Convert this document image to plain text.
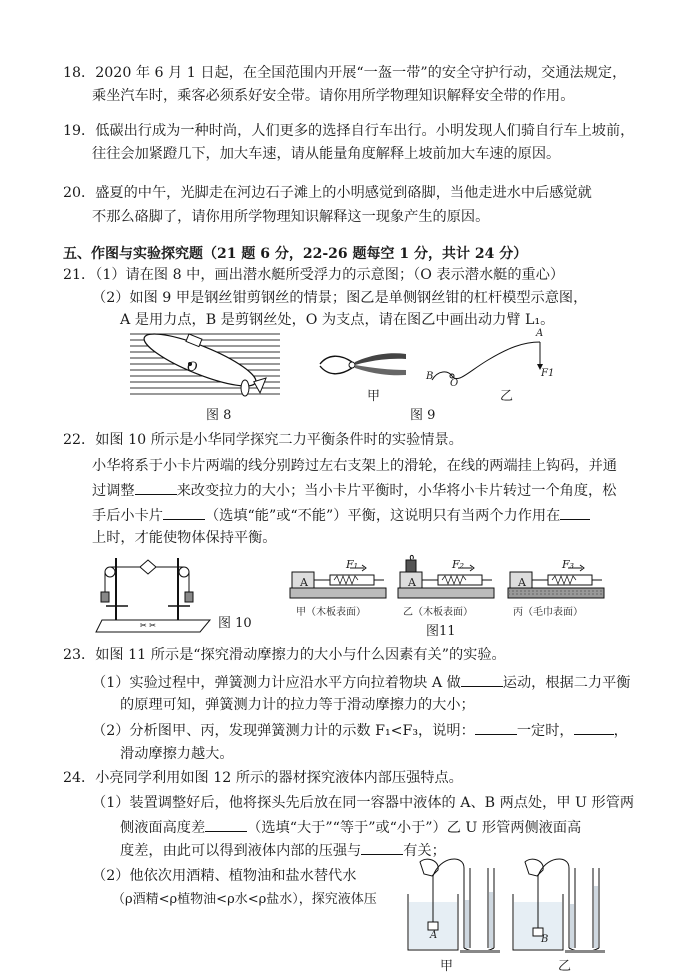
18．2020 年 6 月 1 日起，在全国范围内开展“一盔一带”的安全守护行动，交通法规定，
乘坐汽车时，乘客必须系好安全带。请你用所学物理知识解释安全带的作用。
19．低碳出行成为一种时尚，人们更多的选择自行车出行。小明发现人们骑自行车上坡前，
往往会加紧蹬几下，加大车速，请从能量角度解释上坡前加大车速的原因。
20．盛夏的中午，光脚走在河边石子滩上的小明感觉到硌脚，当他走进水中后感觉就
不那么硌脚了，请你用所学物理知识解释这一现象产生的原因。
五、作图与实验探究题（21 题 6 分，22-26 题每空 1 分，共计 24 分）
21．（1）请在图 8 中，画出潜水艇所受浮力的示意图；（O 表示潜水艇的重心）
（2）如图 9 甲是钢丝钳剪钢丝的情景；图乙是单侧钢丝钳的杠杆模型示意图，
A 是用力点，B 是剪钢丝处，O 为支点，请在图乙中画出动力臂 L₁。
O
图 8
甲
B
O
A
F1
乙
图 9
22．如图 10 所示是小华同学探究二力平衡条件时的实验情景。
小华将系于小卡片两端的线分别跨过左右支架上的滑轮，在线的两端挂上钩码，并通
过调整	来改变拉力的大小；当小卡片平衡时，小华将小卡片转过一个角度，松
手后小卡片	（选填“能”或“不能”）平衡，这说明只有当两个力作用在
上时，才能使物体保持平衡。
✂ ✂	图 10
A	A	A
F₁	F₂	F₃
甲（木板表面）	乙（木板表面）	丙（毛巾表面）
图11
23．如图 11 所示是“探究滑动摩擦力的大小与什么因素有关”的实验。
（1）实验过程中，弹簧测力计应沿水平方向拉着物块 A 做	运动，根据二力平衡
的原理可知，弹簧测力计的拉力等于滑动摩擦力的大小；
（2）分析图甲、丙，发现弹簧测力计的示数 F₁<F₃，说明：	一定时，	，
滑动摩擦力越大。
24．小亮同学利用如图 12 所示的器材探究液体内部压强特点。
（1）装置调整好后，他将探头先后放在同一容器中液体的 A、B 两点处，甲 U 形管两
侧液面高度差	（选填“大于”“等于”或“小于”）乙 U 形管两侧液面高
度差，由此可以得到液体内部的压强与	有关；
（2）他依次用酒精、植物油和盐水替代水
（ρ酒精<ρ植物油<ρ水<ρ盐水），探究液体压
A
甲
B
乙
